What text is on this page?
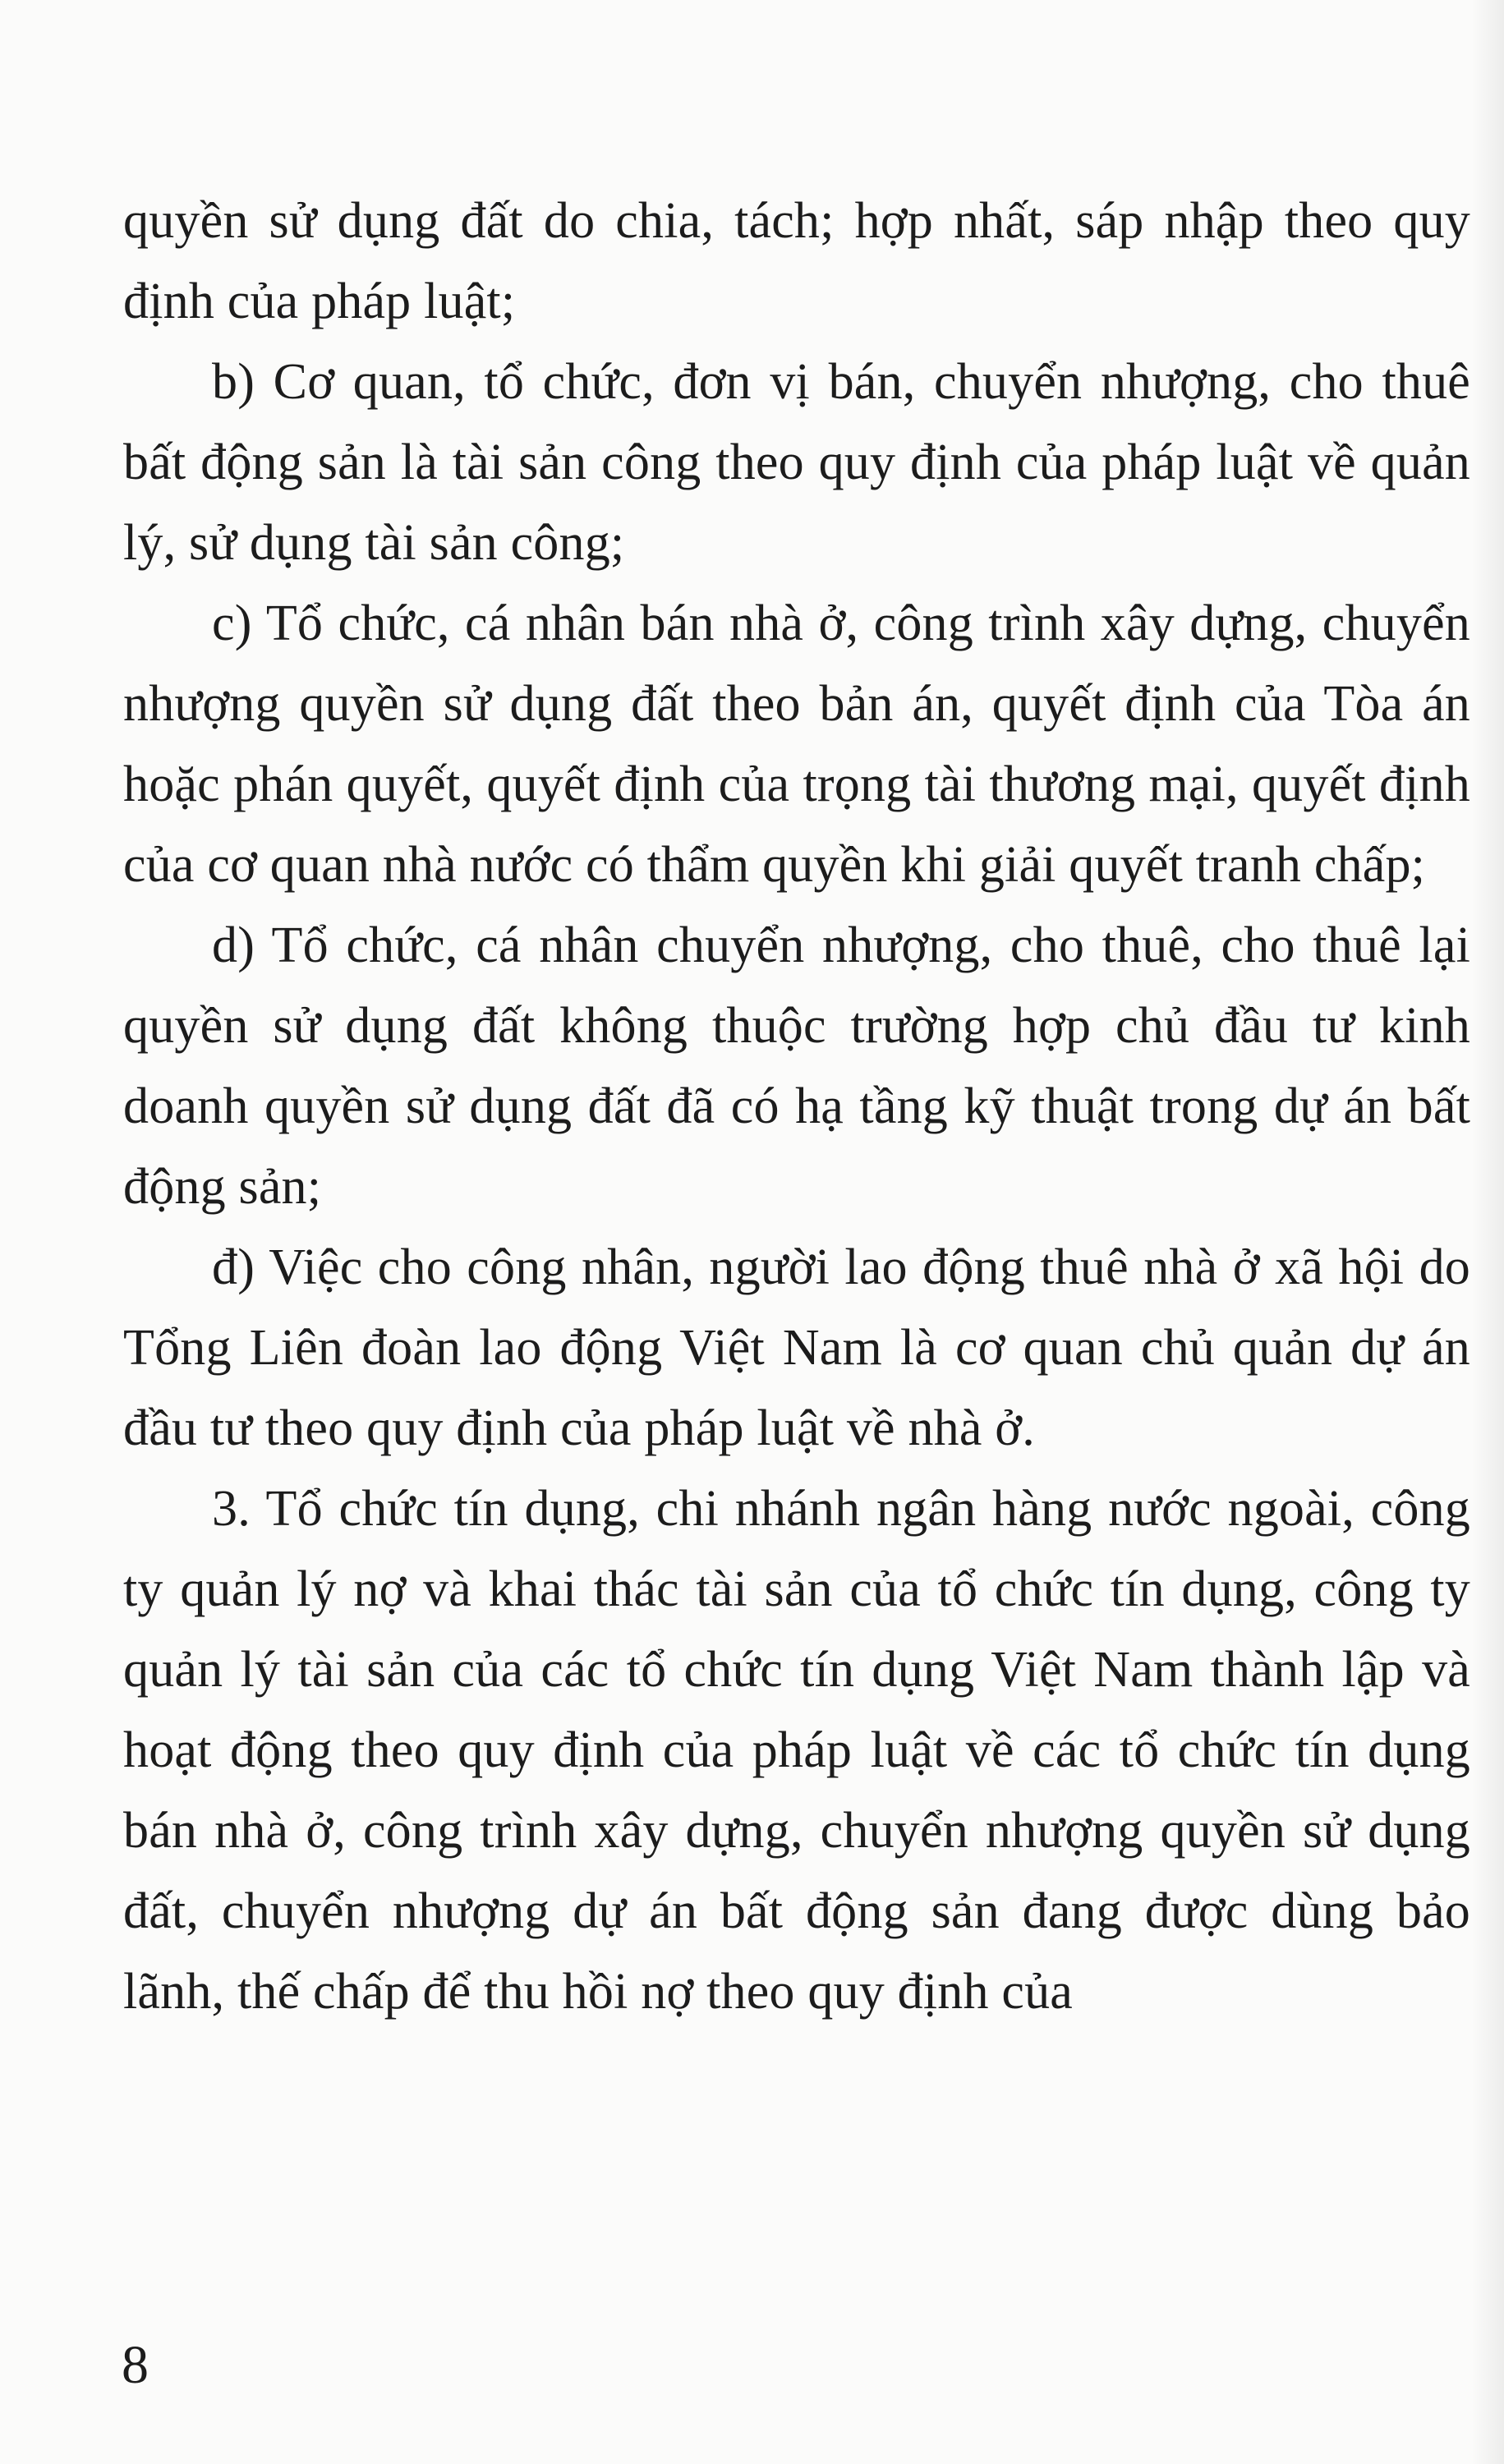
quyền sử dụng đất do chia, tách; hợp nhất, sáp nhập theo quy định của pháp luật;

b) Cơ quan, tổ chức, đơn vị bán, chuyển nhượng, cho thuê bất động sản là tài sản công theo quy định của pháp luật về quản lý, sử dụng tài sản công;

c) Tổ chức, cá nhân bán nhà ở, công trình xây dựng, chuyển nhượng quyền sử dụng đất theo bản án, quyết định của Tòa án hoặc phán quyết, quyết định của trọng tài thương mại, quyết định của cơ quan nhà nước có thẩm quyền khi giải quyết tranh chấp;

d) Tổ chức, cá nhân chuyển nhượng, cho thuê, cho thuê lại quyền sử dụng đất không thuộc trường hợp chủ đầu tư kinh doanh quyền sử dụng đất đã có hạ tầng kỹ thuật trong dự án bất động sản;

đ) Việc cho công nhân, người lao động thuê nhà ở xã hội do Tổng Liên đoàn lao động Việt Nam là cơ quan chủ quản dự án đầu tư theo quy định của pháp luật về nhà ở.

3. Tổ chức tín dụng, chi nhánh ngân hàng nước ngoài, công ty quản lý nợ và khai thác tài sản của tổ chức tín dụng, công ty quản lý tài sản của các tổ chức tín dụng Việt Nam thành lập và hoạt động theo quy định của pháp luật về các tổ chức tín dụng bán nhà ở, công trình xây dựng, chuyển nhượng quyền sử dụng đất, chuyển nhượng dự án bất động sản đang được dùng bảo lãnh, thế chấp để thu hồi nợ theo quy định của

8
